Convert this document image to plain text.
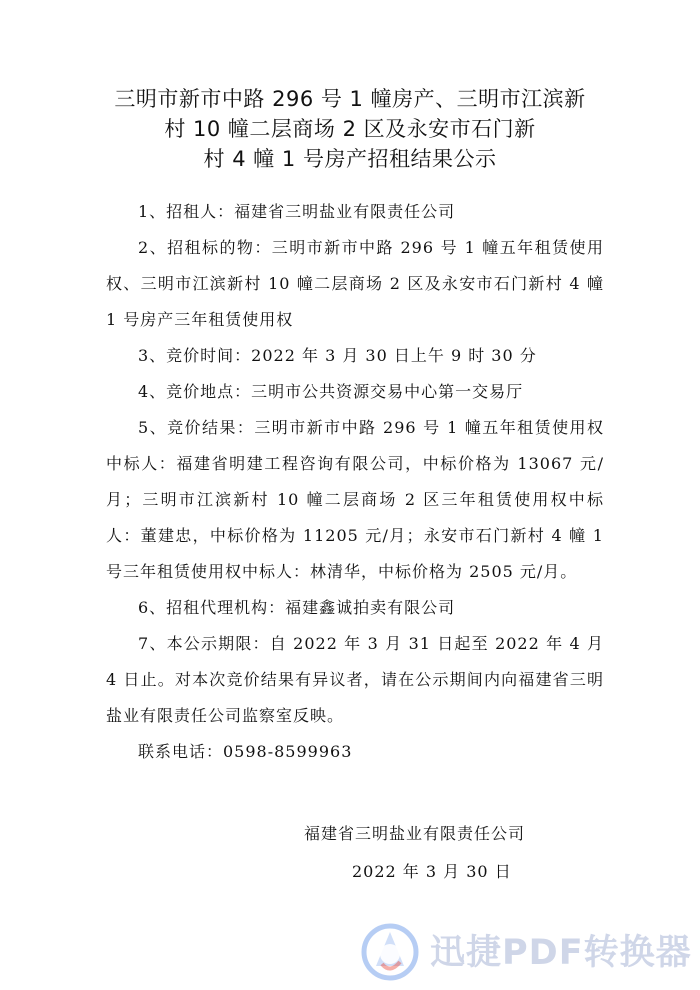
三明市新市中路 296 号 1 幢房产、三明市江滨新
村 10 幢二层商场 2 区及永安市石门新
村 4 幢 1 号房产招租结果公示

1、招租人：福建省三明盐业有限责任公司

2、招租标的物：三明市新市中路 296 号 1 幢五年租赁使用权、三明市江滨新村 10 幢二层商场 2 区及永安市石门新村 4 幢 1 号房产三年租赁使用权

3、竞价时间：2022 年 3 月 30 日上午 9 时 30 分

4、竞价地点：三明市公共资源交易中心第一交易厅

5、竞价结果：三明市新市中路 296 号 1 幢五年租赁使用权中标人：福建省明建工程咨询有限公司，中标价格为 13067 元/月；三明市江滨新村 10 幢二层商场 2 区三年租赁使用权中标人：董建忠，中标价格为 11205 元/月；永安市石门新村 4 幢 1 号三年租赁使用权中标人：林清华，中标价格为 2505 元/月。

6、招租代理机构：福建鑫诚拍卖有限公司

7、本公示期限：自 2022 年 3 月 31 日起至 2022 年 4 月 4 日止。对本次竞价结果有异议者，请在公示期间内向福建省三明盐业有限责任公司监察室反映。

联系电话：0598-8599963

福建省三明盐业有限责任公司
2022 年 3 月 30 日
迅捷PDF转换器
